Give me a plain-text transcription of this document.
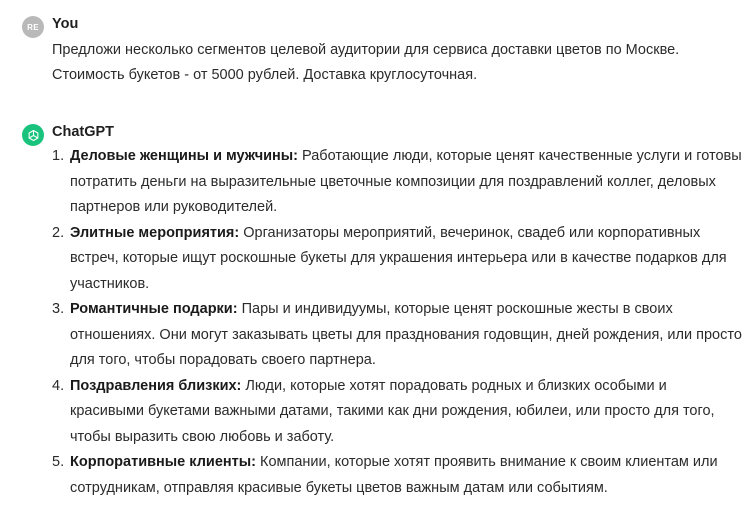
RE You
Предложи несколько сегментов целевой аудитории для сервиса доставки цветов по Москве. Стоимость букетов - от 5000 рублей. Доставка круглосуточная.
ChatGPT
1. Деловые женщины и мужчины: Работающие люди, которые ценят качественные услуги и готовы потратить деньги на выразительные цветочные композиции для поздравлений коллег, деловых партнеров или руководителей.
2. Элитные мероприятия: Организаторы мероприятий, вечеринок, свадеб или корпоративных встреч, которые ищут роскошные букеты для украшения интерьера или в качестве подарков для участников.
3. Романтичные подарки: Пары и индивидуумы, которые ценят роскошные жесты в своих отношениях. Они могут заказывать цветы для празднования годовщин, дней рождения, или просто для того, чтобы порадовать своего партнера.
4. Поздравления близких: Люди, которые хотят порадовать родных и близких особыми и красивыми букетами важными датами, такими как дни рождения, юбилеи, или просто для того, чтобы выразить свою любовь и заботу.
5. Корпоративные клиенты: Компании, которые хотят проявить внимание к своим клиентам или сотрудникам, отправляя красивые букеты цветов важным датам или событиям.
